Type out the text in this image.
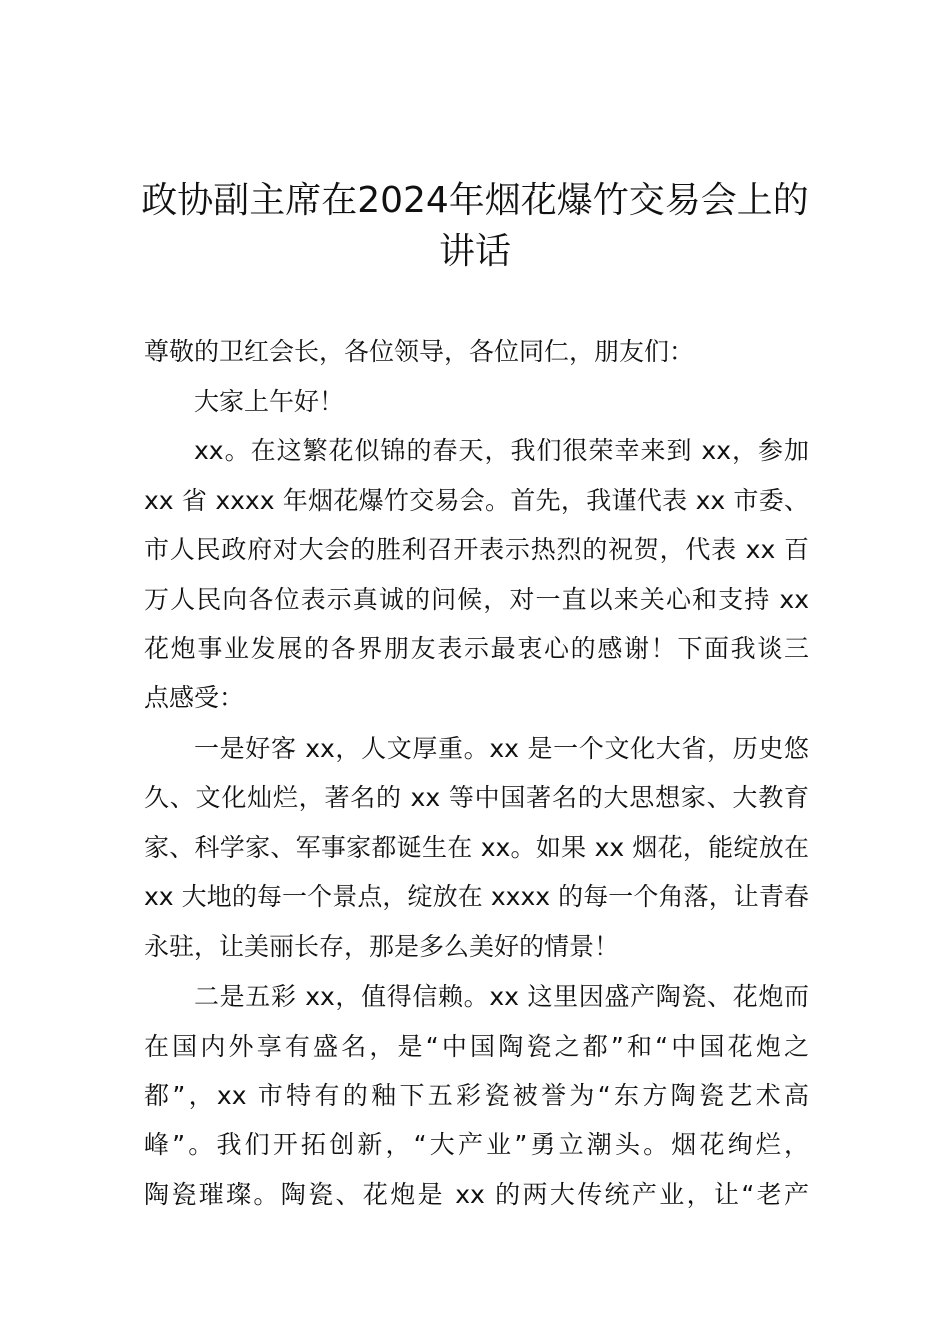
政协副主席在2024年烟花爆竹交易会上的
讲话
尊敬的卫红会长，各位领导，各位同仁，朋友们：
大家上午好！
xx。在这繁花似锦的春天，我们很荣幸来到 xx，参加
xx 省 xxxx 年烟花爆竹交易会。首先，我谨代表 xx 市委、
市人民政府对大会的胜利召开表示热烈的祝贺，代表 xx 百
万人民向各位表示真诚的问候，对一直以来关心和支持 xx
花炮事业发展的各界朋友表示最衷心的感谢！下面我谈三
点感受：
一是好客 xx，人文厚重。xx 是一个文化大省，历史悠
久、文化灿烂，著名的 xx 等中国著名的大思想家、大教育
家、科学家、军事家都诞生在 xx。如果 xx 烟花，能绽放在
xx 大地的每一个景点，绽放在 xxxx 的每一个角落，让青春
永驻，让美丽长存，那是多么美好的情景！
二是五彩 xx，值得信赖。xx 这里因盛产陶瓷、花炮而
在国内外享有盛名，是“中国陶瓷之都”和“中国花炮之
都”，xx 市特有的釉下五彩瓷被誉为“东方陶瓷艺术高
峰”。我们开拓创新，“大产业”勇立潮头。烟花绚烂，
陶瓷璀璨。陶瓷、花炮是 xx 的两大传统产业，让“老产
